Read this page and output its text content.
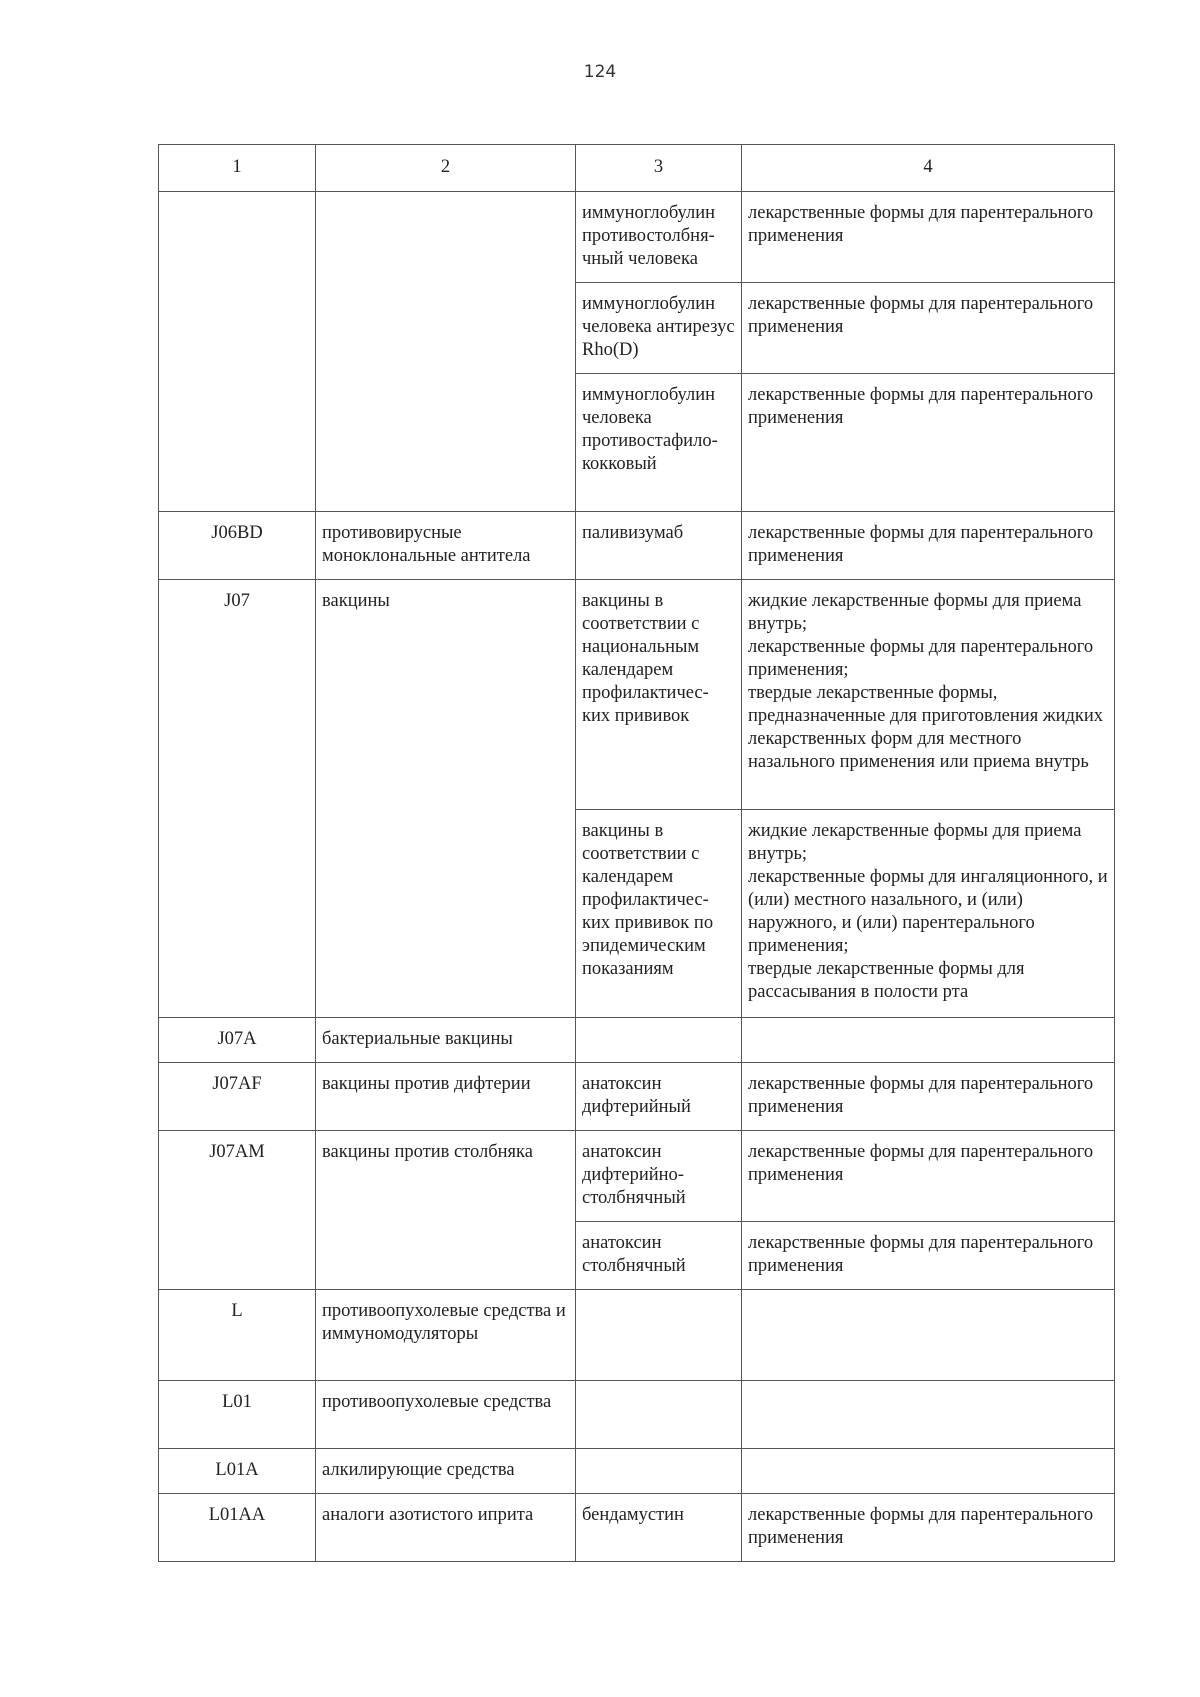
124
1	2	3	4
		иммуноглобулин противостолбня-чный человека	лекарственные формы для парентерального применения
		иммуноглобулин человека антирезус Rho(D)	лекарственные формы для парентерального применения
		иммуноглобулин человека противостафило-кокковый	лекарственные формы для парентерального применения
J06BD	противовирусные моноклональные антитела	паливизумаб	лекарственные формы для парентерального применения
J07	вакцины	вакцины в соответствии с национальным календарем профилактичес-ких прививок	жидкие лекарственные формы для приема внутрь;
лекарственные формы для парентерального применения;
твердые лекарственные формы, предназначенные для приготовления жидких лекарственных форм для местного назального применения или приема внутрь
		вакцины в соответствии с календарем профилактичес-ких прививок по эпидемическим показаниям	жидкие лекарственные формы для приема внутрь;
лекарственные формы для ингаляционного, и (или) местного назального, и (или) наружного, и (или) парентерального применения;
твердые лекарственные формы для рассасывания в полости рта
J07A	бактериальные вакцины		
J07AF	вакцины против дифтерии	анатоксин дифтерийный	лекарственные формы для парентерального применения
J07AM	вакцины против столбняка	анатоксин дифтерийно-столбнячный	лекарственные формы для парентерального применения
		анатоксин столбнячный	лекарственные формы для парентерального применения
L	противоопухолевые средства и иммуномодуляторы		
L01	противоопухолевые средства		
L01A	алкилирующие средства		
L01AA	аналоги азотистого иприта	бендамустин	лекарственные формы для парентерального применения
